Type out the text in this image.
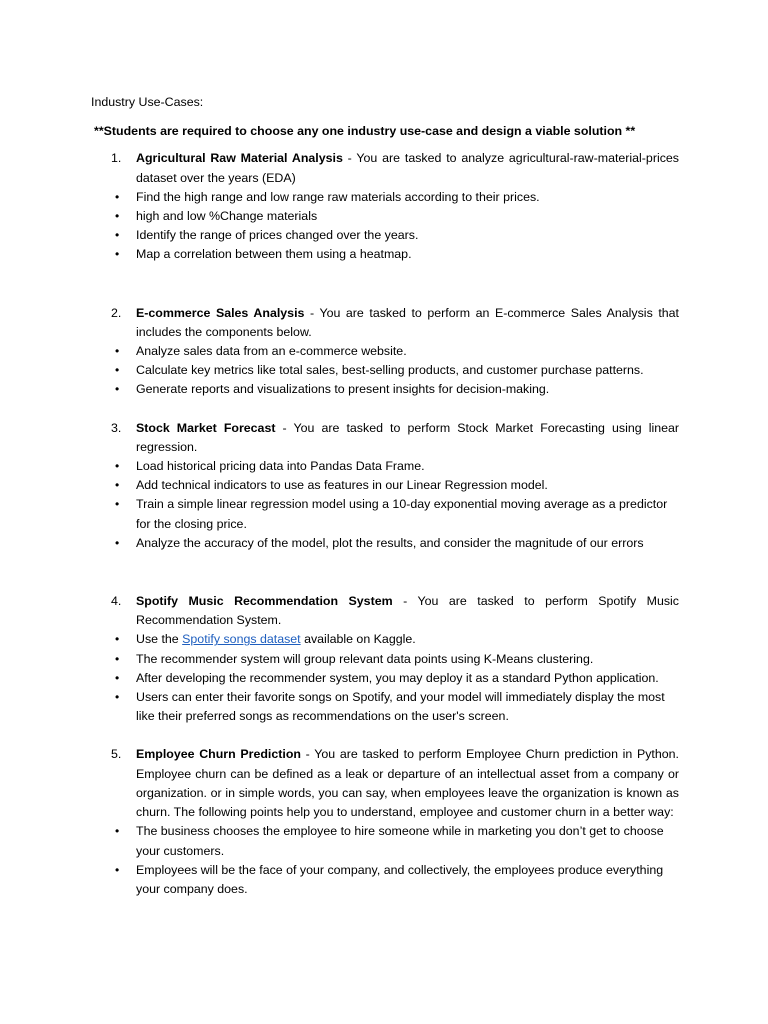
Industry Use-Cases:
**Students are required to choose any one industry use-case and design a viable solution **
1.	Agricultural Raw Material Analysis - You are tasked to analyze agricultural-raw-material-prices dataset over the years (EDA)
•	Find the high range and low range raw materials according to their prices.
•	high and low %Change materials
•	Identify the range of prices changed over the years.
•	Map a correlation between them using a heatmap.
2.	E-commerce Sales Analysis - You are tasked to perform an E-commerce Sales Analysis that includes the components below.
•	Analyze sales data from an e-commerce website.
•	Calculate key metrics like total sales, best-selling products, and customer purchase patterns.
•	Generate reports and visualizations to present insights for decision-making.
3.	Stock Market Forecast - You are tasked to perform Stock Market Forecasting using linear regression.
•	Load historical pricing data into Pandas Data Frame.
•	Add technical indicators to use as features in our Linear Regression model.
•	Train a simple linear regression model using a 10-day exponential moving average as a predictor for the closing price.
•	Analyze the accuracy of the model, plot the results, and consider the magnitude of our errors
4.	Spotify Music Recommendation System - You are tasked to perform Spotify Music Recommendation System.
•	Use the Spotify songs dataset available on Kaggle.
•	The recommender system will group relevant data points using K-Means clustering.
•	After developing the recommender system, you may deploy it as a standard Python application.
•	Users can enter their favorite songs on Spotify, and your model will immediately display the most like their preferred songs as recommendations on the user's screen.
5.	Employee Churn Prediction - You are tasked to perform Employee Churn prediction in Python. Employee churn can be defined as a leak or departure of an intellectual asset from a company or organization. or in simple words, you can say, when employees leave the organization is known as churn. The following points help you to understand, employee and customer churn in a better way:
•	The business chooses the employee to hire someone while in marketing you don’t get to choose your customers.
•	Employees will be the face of your company, and collectively, the employees produce everything your company does.
